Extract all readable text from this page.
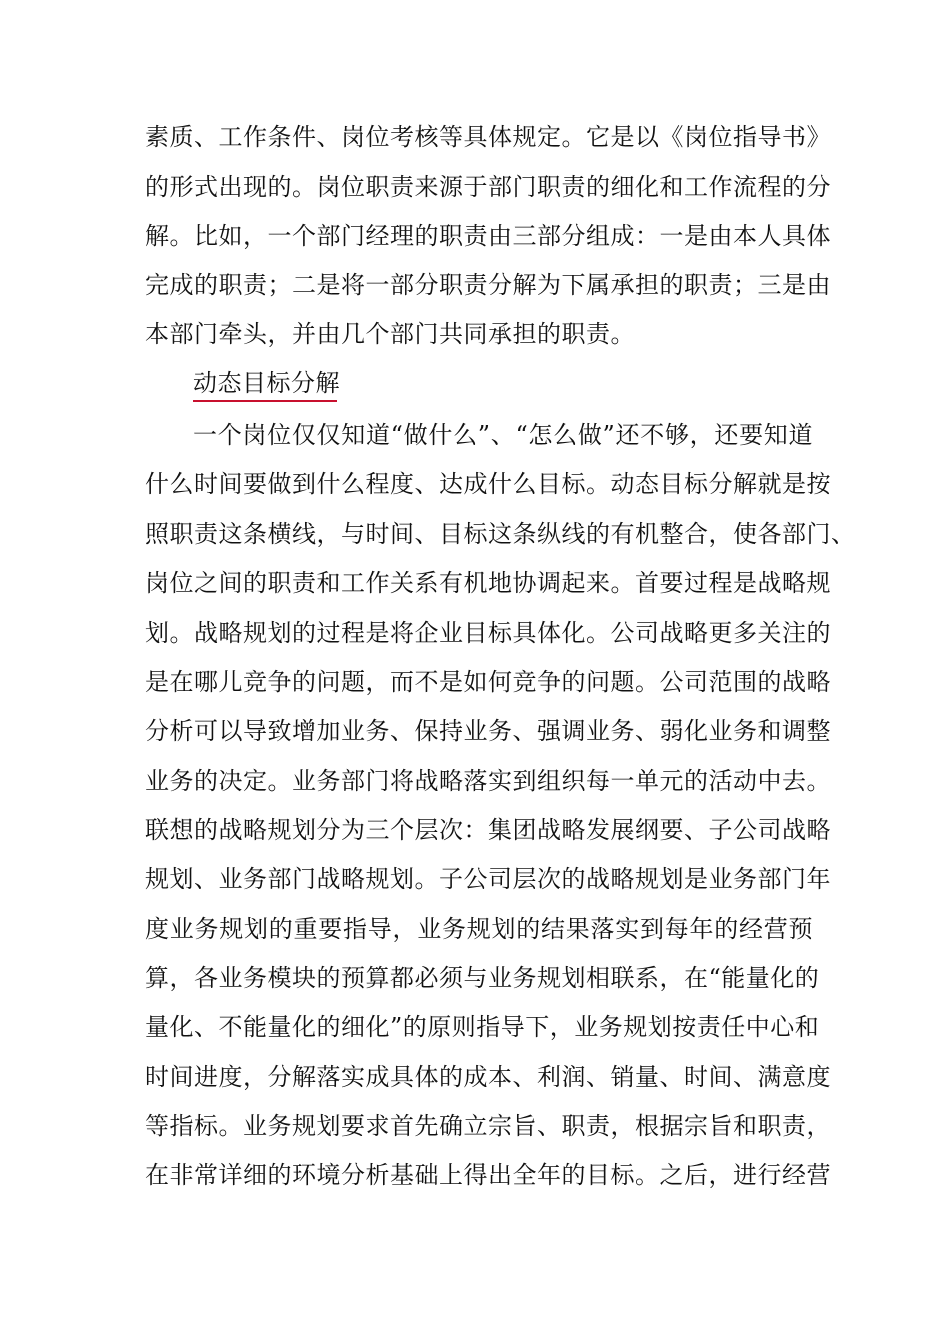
素质、工作条件、岗位考核等具体规定。它是以《岗位指导书》
的形式出现的。岗位职责来源于部门职责的细化和工作流程的分
解。比如，一个部门经理的职责由三部分组成：一是由本人具体
完成的职责；二是将一部分职责分解为下属承担的职责；三是由
本部门牵头，并由几个部门共同承担的职责。
动态目标分解
一个岗位仅仅知道“做什么”、“怎么做”还不够，还要知道
什么时间要做到什么程度、达成什么目标。动态目标分解就是按
照职责这条横线，与时间、目标这条纵线的有机整合，使各部门、
岗位之间的职责和工作关系有机地协调起来。首要过程是战略规
划。战略规划的过程是将企业目标具体化。公司战略更多关注的
是在哪儿竞争的问题，而不是如何竞争的问题。公司范围的战略
分析可以导致增加业务、保持业务、强调业务、弱化业务和调整
业务的决定。业务部门将战略落实到组织每一单元的活动中去。
联想的战略规划分为三个层次：集团战略发展纲要、子公司战略
规划、业务部门战略规划。子公司层次的战略规划是业务部门年
度业务规划的重要指导，业务规划的结果落实到每年的经营预
算，各业务模块的预算都必须与业务规划相联系，在“能量化的
量化、不能量化的细化”的原则指导下，业务规划按责任中心和
时间进度，分解落实成具体的成本、利润、销量、时间、满意度
等指标。业务规划要求首先确立宗旨、职责，根据宗旨和职责，
在非常详细的环境分析基础上得出全年的目标。之后，进行经营
